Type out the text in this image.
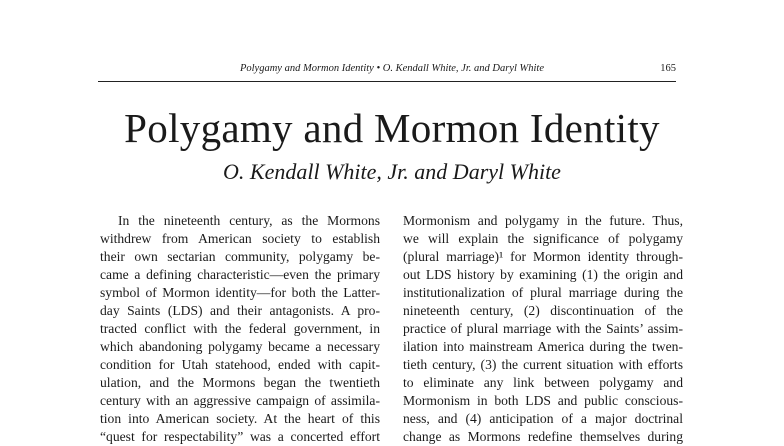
Polygamy and Mormon Identity • O. Kendall White, Jr. and Daryl White	165
Polygamy and Mormon Identity
O. Kendall White, Jr. and Daryl White
In the nineteenth century, as the Mormons
withdrew from American society to establish
their own sectarian community, polygamy be-
came a defining characteristic—even the primary
symbol of Mormon identity—for both the Latter-
day Saints (LDS) and their antagonists. A pro-
tracted conflict with the federal government, in
which abandoning polygamy became a necessary
condition for Utah statehood, ended with capit-
ulation, and the Mormons began the twentieth
century with an aggressive campaign of assimila-
tion into American society. At the heart of this
“quest for respectability” was a concerted effort
Mormonism and polygamy in the future. Thus,
we will explain the significance of polygamy
(plural marriage)¹ for Mormon identity through-
out LDS history by examining (1) the origin and
institutionalization of plural marriage during the
nineteenth century, (2) discontinuation of the
practice of plural marriage with the Saints’ assim-
ilation into mainstream America during the twen-
tieth century, (3) the current situation with efforts
to eliminate any link between polygamy and
Mormonism in both LDS and public conscious-
ness, and (4) anticipation of a major doctrinal
change as Mormons redefine themselves during
